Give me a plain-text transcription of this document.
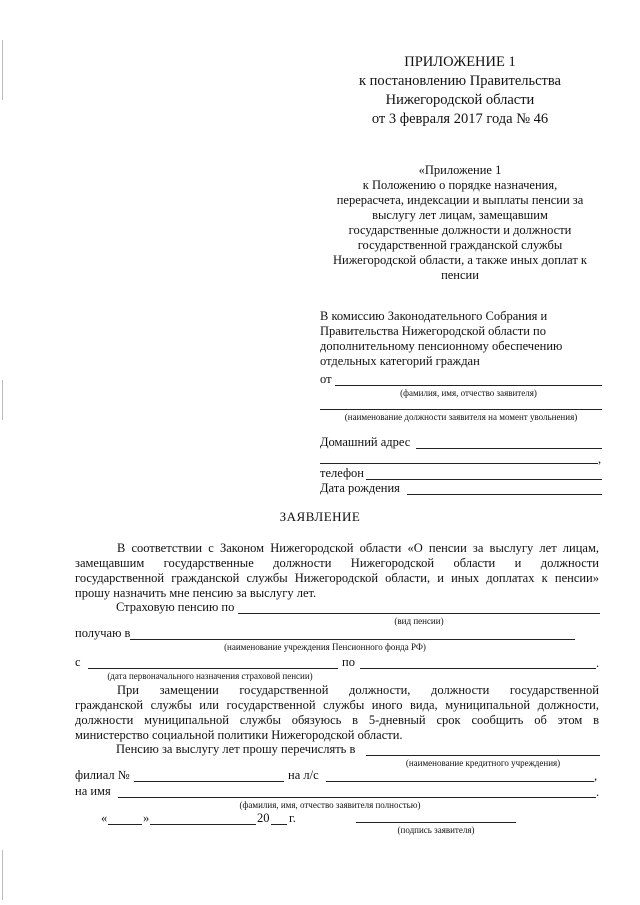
ПРИЛОЖЕНИЕ 1
к постановлению Правительства
Нижегородской области
от 3 февраля 2017 года № 46
«Приложение 1
к Положению о порядке назначения,
перерасчета, индексации и выплаты пенсии за
выслугу лет лицам, замещавшим
государственные должности и должности
государственной гражданской службы
Нижегородской области, а также иных доплат к
пенсии
В комиссию Законодательного Собрания и
Правительства Нижегородской области по
дополнительному пенсионному обеспечению
отдельных категорий граждан
от
(фамилия, имя, отчество заявителя)
(наименование должности заявителя на момент увольнения)
Домашний адрес
,
телефон
Дата рождения
ЗАЯВЛЕНИЕ
В соответствии с Законом Нижегородской области «О пенсии за выслугу лет лицам,
замещавшим государственные должности Нижегородской области и должности
государственной гражданской службы Нижегородской области, и иных доплатах к пенсии»
прошу назначить мне пенсию за выслугу лет.
Страховую пенсию по
(вид пенсии)
получаю в
(наименование учреждения Пенсионного фонда РФ)
с	по	.
(дата первоначального назначения страховой пенсии)
При замещении государственной должности, должности государственной
гражданской службы или государственной службы иного вида, муниципальной должности,
должности муниципальной службы обязуюсь в 5-дневный срок сообщить об этом в
министерство социальной политики Нижегородской области.
Пенсию за выслугу лет прошу перечислять в
(наименование кредитного учреждения)
филиал №	на л/с	,
на имя	.
(фамилия, имя, отчество заявителя полностью)
«	»	20 г.
(подпись заявителя)
